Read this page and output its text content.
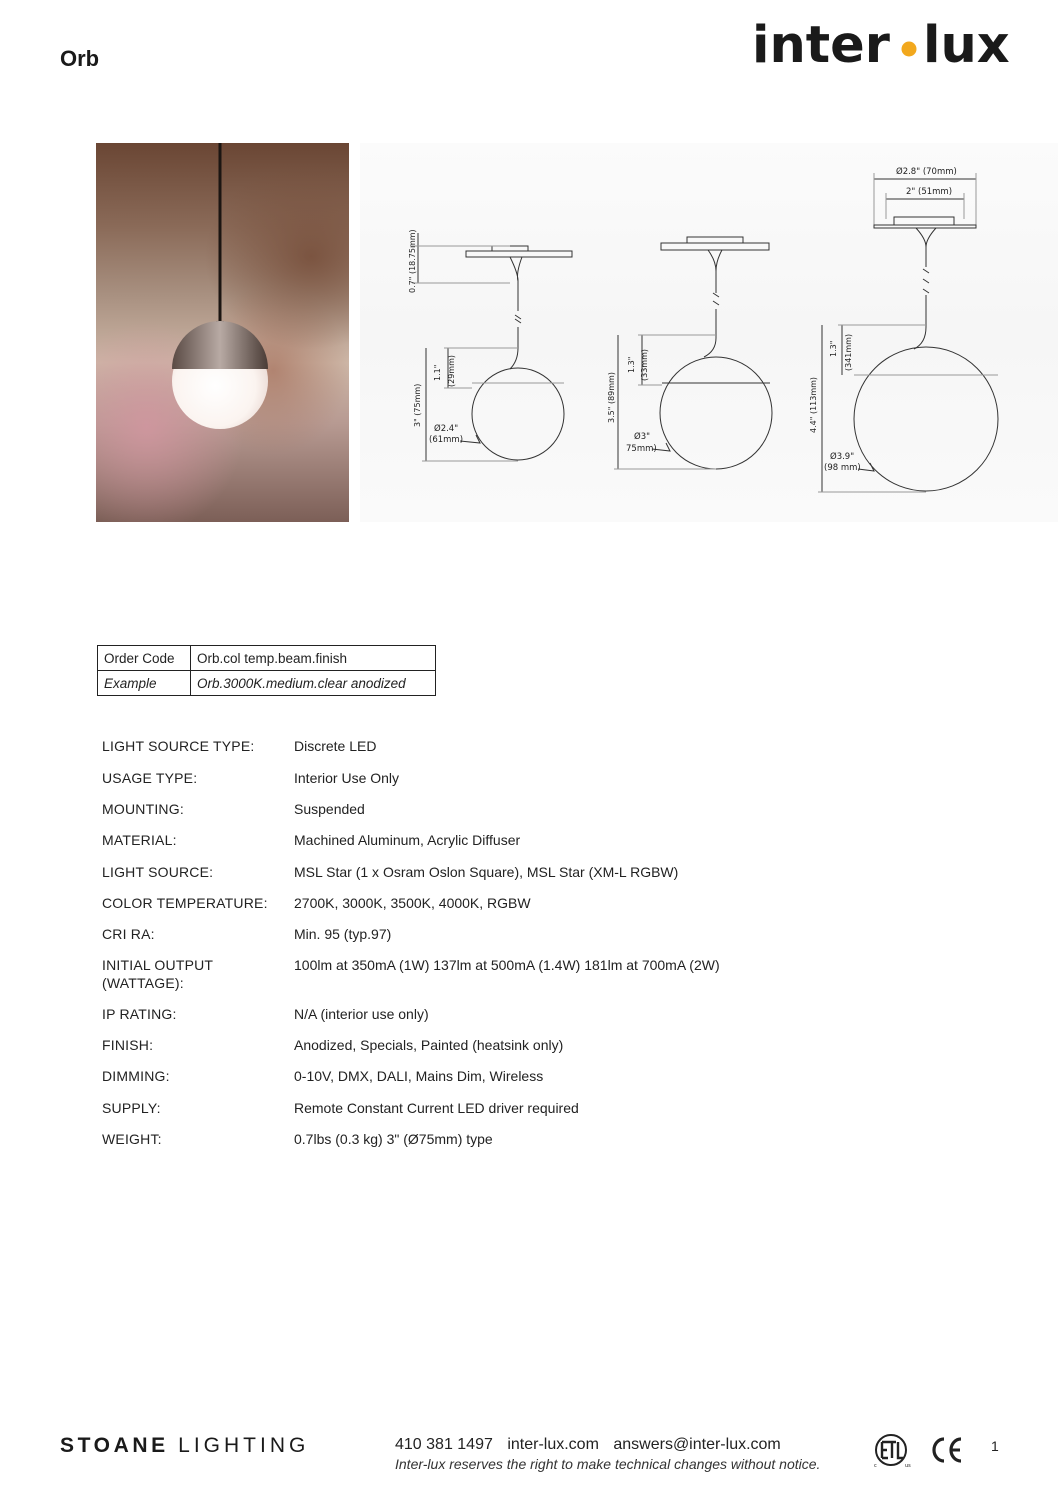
Orb	inter lux
0.7" (18.75mm)
1.1" (29mm)
3" (75mm)
Ø2.4"
(61mm)
1.3" (33mm)
3.5" (89mm)
Ø3"
75mm)
Ø2.8" (70mm)
2" (51mm)
1.3" (341mm)
4.4" (113mm)
Ø3.9"
(98 mm)
Order Code	Orb.col temp.beam.finish
Example	Orb.3000K.medium.clear anodized
LIGHT SOURCE TYPE:	Discrete LED
USAGE TYPE:	Interior Use Only
MOUNTING:	Suspended
MATERIAL:	Machined Aluminum, Acrylic Diffuser
LIGHT SOURCE:	MSL Star (1 x Osram Oslon Square), MSL Star (XM-L RGBW)
COLOR TEMPERATURE:	2700K, 3000K, 3500K, 4000K, RGBW
CRI RA:	Min. 95 (typ.97)
INITIAL OUTPUT
(WATTAGE):
100lm at 350mA (1W) 137lm at 500mA (1.4W) 181lm at 700mA (2W)
IP RATING:	N/A (interior use only)
FINISH:	Anodized, Specials, Painted (heatsink only)
DIMMING:	0-10V, DMX, DALI, Mains Dim, Wireless
SUPPLY:	Remote Constant Current LED driver required
WEIGHT:	0.7lbs (0.3 kg) 3" (Ø75mm) type
STOANE LIGHTING	410 381 1497 inter-lux.com answers@inter-lux.com
Inter-lux reserves the right to make technical changes without notice.	c	us
1
